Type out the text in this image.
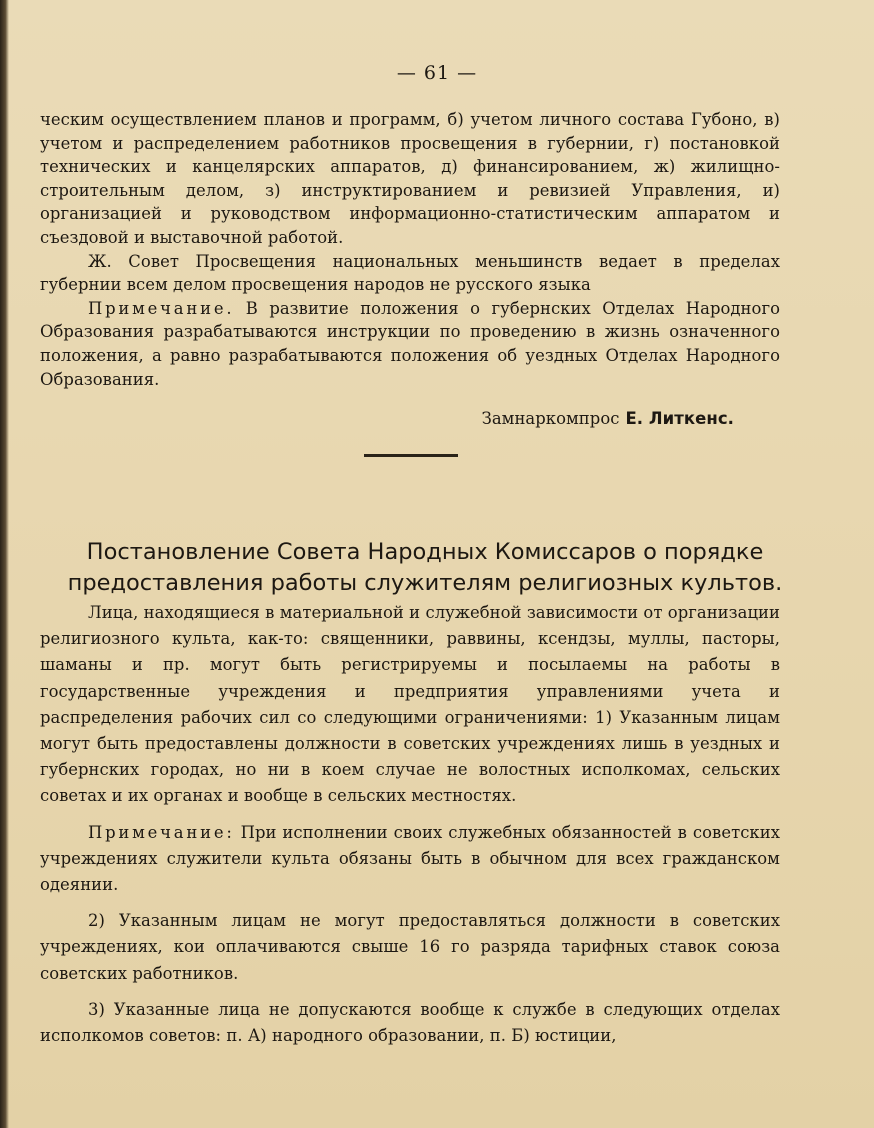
— 61 —

ческим осуществлением планов и программ, б) учетом личного состава Губоно, в) учетом и распределением работников просвещения в губернии, г) постановкой технических и канцелярских аппаратов, д) финансированием, ж) жилищно-строительным делом, з) инструктированием и ревизией Управления, и) организацией и руководством информационно-статистическим аппаратом и съездовой и выставочной работой.

Ж. Совет Просвещения национальных меньшинств ведает в пределах губернии всем делом просвещения народов не русского языка

Примечание. В развитие положения о губернских Отделах Народного Образования разрабатываются инструкции по проведению в жизнь означенного положения, а равно разрабатываются положения об уездных Отделах Народного Образования.

Замнаркомпрос Е. Литкенс.
Постановление Совета Народных Комиссаров о порядке предоставления работы служителям религиозных культов.

Лица, находящиеся в материальной и служебной зависимости от организации религиозного культа, как-то: священники, раввины, ксендзы, муллы, пасторы, шаманы и пр. могут быть регистрируемы и посылаемы на работы в государственные учреждения и предприятия управлениями учета и распределения рабочих сил со следующими ограничениями: 1) Указанным лицам могут быть предоставлены должности в советских учреждениях лишь в уездных и губернских городах, но ни в коем случае не волостных исполкомах, сельских советах и их органах и вообще в сельских местностях.

Примечание: При исполнении своих служебных обязанностей в советских учреждениях служители культа обязаны быть в обычном для всех гражданском одеянии.

2) Указанным лицам не могут предоставляться должности в советских учреждениях, кои оплачиваются свыше 16 го разряда тарифных ставок союза советских работников.

3) Указанные лица не допускаются вообще к службе в следующих отделах исполкомов советов: п. А) народного образовании, п. Б) юстиции,
